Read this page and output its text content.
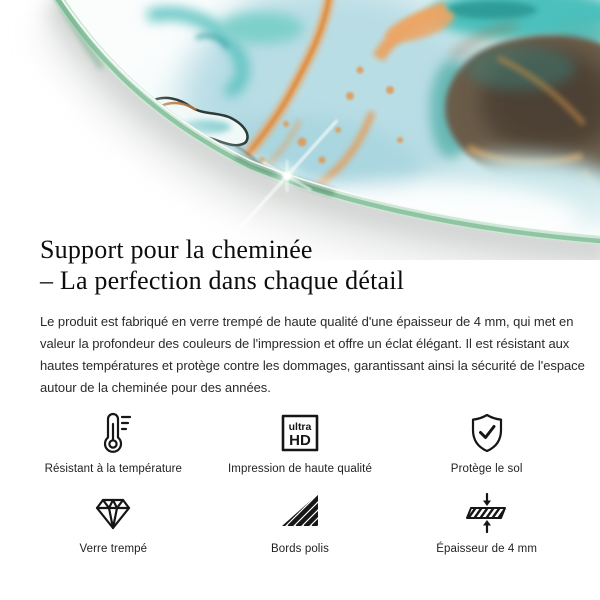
Support pour la cheminée
– La perfection dans chaque détail

Le produit est fabriqué en verre trempé de haute qualité d'une épaisseur de 4 mm, qui met en
valeur la profondeur des couleurs de l'impression et offre un éclat élégant. Il est résistant aux
hautes températures et protège contre les dommages, garantissant ainsi la sécurité de l'espace
autour de la cheminée pour des années.

Résistant à la température
ultra
HD
Impression de haute qualité	Protège le sol
Verre trempé	Bords polis	Épaisseur de 4 mm
